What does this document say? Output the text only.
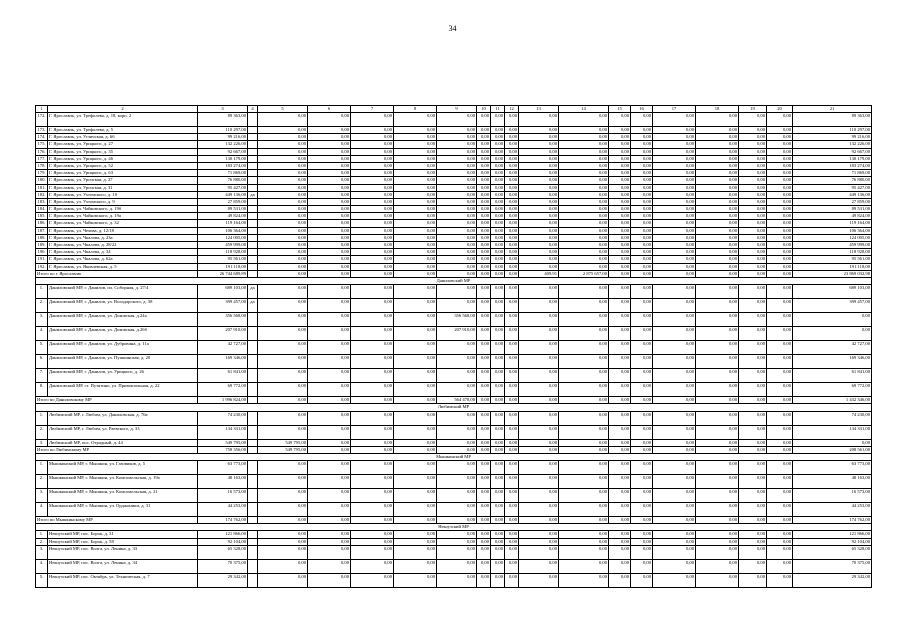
34
1	2	3	4	5	6	7	8	9	10	11	12	13	14	15	16	17	18	19	20	21
172.	Г. Ярославль, ул. Трефолева, д. 18, корп. 2	89 363,00		0,00	0,00	0,00	0,00	0,00	0,00	0,00	0,00	0,00	0,00	0,00	0,00	0,00	0,00	0,00	0,00	89 363,00
173.	Г. Ярославль, ул. Трефолева, д. 5	110 297,00		0,00	0,00	0,00	0,00	0,00	0,00	0,00	0,00	0,00	0,00	0,00	0,00	0,00	0,00	0,00	0,00	110 297,00
174.	Г. Ярославль, ул. Угличская, д. 66	99 216,00		0,00	0,00	0,00	0,00	0,00	0,00	0,00	0,00	0,00	0,00	0,00	0,00	0,00	0,00	0,00	0,00	99 216,00
175.	Г. Ярославль, ул. Урицкого, д. 27	132 226,00		0,00	0,00	0,00	0,00	0,00	0,00	0,00	0,00	0,00	0,00	0,00	0,00	0,00	0,00	0,00	0,00	132 226,00
176.	Г. Ярославль, ул. Урицкого, д. 35	92 667,00		0,00	0,00	0,00	0,00	0,00	0,00	0,00	0,00	0,00	0,00	0,00	0,00	0,00	0,00	0,00	0,00	92 667,00
177.	Г. Ярославль, ул. Урицкого, д. 46	130 179,00		0,00	0,00	0,00	0,00	0,00	0,00	0,00	0,00	0,00	0,00	0,00	0,00	0,00	0,00	0,00	0,00	130 179,00
178.	Г. Ярославль, ул. Урицкого, д. 52	183 274,00		0,00	0,00	0,00	0,00	0,00	0,00	0,00	0,00	0,00	0,00	0,00	0,00	0,00	0,00	0,00	0,00	183 274,00
179.	Г. Ярославль, ул. Урицкого, д. 63	71 869,00		0,00	0,00	0,00	0,00	0,00	0,00	0,00	0,00	0,00	0,00	0,00	0,00	0,00	0,00	0,00	0,00	71 869,00
180.	Г. Ярославль, ул. Урочская, д. 27	76 880,00		0,00	0,00	0,00	0,00	0,00	0,00	0,00	0,00	0,00	0,00	0,00	0,00	0,00	0,00	0,00	0,00	76 880,00
181.	Г. Ярославль, ул. Урочская, д. 31	95 427,00		0,00	0,00	0,00	0,00	0,00	0,00	0,00	0,00	0,00	0,00	0,00	0,00	0,00	0,00	0,00	0,00	95 427,00
182.	Г. Ярославль, ул. Ухтомского, д. 10	449 136,00	да	0,00	0,00	0,00	0,00	0,00	0,00	0,00	0,00	0,00	0,00	0,00	0,00	0,00	0,00	0,00	0,00	449 136,00
183.	Г. Ярославль, ул. Ухтомского, д. 9	27 859,00		0,00	0,00	0,00	0,00	0,00	0,00	0,00	0,00	0,00	0,00	0,00	0,00	0,00	0,00	0,00	0,00	27 859,00
184.	Г. Ярославль, ул. Чайковского, д. 19б	89 531,00		0,00	0,00	0,00	0,00	0,00	0,00	0,00	0,00	0,00	0,00	0,00	0,00	0,00	0,00	0,00	0,00	89 531,00
185.	Г. Ярославль, ул. Чайковского, д. 19а	49 824,00		0,00	0,00	0,00	0,00	0,00	0,00	0,00	0,00	0,00	0,00	0,00	0,00	0,00	0,00	0,00	0,00	49 824,00
186.	Г. Ярославль, ул. Чайковского, д. 32	119 164,00		0,00	0,00	0,00	0,00	0,00	0,00	0,00	0,00	0,00	0,00	0,00	0,00	0,00	0,00	0,00	0,00	119 164,00
187.	Г. Ярославль, ул. Чехова, д. 12/18	106 364,00		0,00	0,00	0,00	0,00	0,00	0,00	0,00	0,00	0,00	0,00	0,00	0,00	0,00	0,00	0,00	0,00	106 364,00
188.	Г. Ярославль, ул. Чкалова, д. 23а	124 005,00		0,00	0,00	0,00	0,00	0,00	0,00	0,00	0,00	0,00	0,00	0,00	0,00	0,00	0,00	0,00	0,00	124 005,00
189.	Г. Ярославль, ул. Чкалова, д. 28/22	459 999,00		0,00	0,00	0,00	0,00	0,00	0,00	0,00	0,00	0,00	0,00	0,00	0,00	0,00	0,00	0,00	0,00	459 999,00
190.	Г. Ярославль, ул. Чкалова, д. 34	118 928,00		0,00	0,00	0,00	0,00	0,00	0,00	0,00	0,00	0,00	0,00	0,00	0,00	0,00	0,00	0,00	0,00	118 928,00
191.	Г. Ярославль, ул. Чкалова, д. 62а	95 561,00		0,00	0,00	0,00	0,00	0,00	0,00	0,00	0,00	0,00	0,00	0,00	0,00	0,00	0,00	0,00	0,00	95 561,00
192.	Г. Ярославль, ул. Яковлевская, д. 5	191 118,00		0,00	0,00	0,00	0,00	0,00	0,00	0,00	0,00	0,00	0,00	0,00	0,00	0,00	0,00	0,00	0,00	191 118,00
Итого по г. Ярославлю		26 744 689,89		0,00	0,00	0,00	0,00	0,00	0,00	0,00	0,00	409,91	2 875 657,00	0,00	0,00	0,00	0,00	0,00	0,00	23 869 032,98
Даниловский МР																				
1.	Даниловский МР, г. Данилов, пл. Соборная, д. 27/4	689 103,00	да	0,00	0,00	0,00	0,00	0,00	0,00	0,00	0,00	0,00	0,00	0,00	0,00	0,00	0,00	0,00	0,00	689 103,00
2.	Даниловский МР, г. Данилов, ул. Володарского, д. 38	399 457,00	да	0,00	0,00	0,00	0,00	0,00	0,00	0,00	0,00	0,00	0,00	0,00	0,00	0,00	0,00	0,00	0,00	399 457,00
3.	Даниловский МР, г. Данилов, ул. Доковская, д.24а	356 568,00		0,00	0,00	0,00	0,00	356 568,00	0,00	0,00	0,00	0,00	0,00	0,00	0,00	0,00	0,00	0,00	0,00	0,00
4.	Даниловский МР, г. Данилов, ул. Доковская, д.26б	207 910,00		0,00	0,00	0,00	0,00	207 910,00	0,00	0,00	0,00	0,00	0,00	0,00	0,00	0,00	0,00	0,00	0,00	0,00
5.	Даниловский МР, г. Данилов, ул. Дубровина, д. 11а	42 727,00		0,00	0,00	0,00	0,00	0,00	0,00	0,00	0,00	0,00	0,00	0,00	0,00	0,00	0,00	0,00	0,00	42 727,00
6.	Даниловский МР, г. Данилов, ул. Пушкинская, д. 20	169 346,00		0,00	0,00	0,00	0,00	0,00	0,00	0,00	0,00	0,00	0,00	0,00	0,00	0,00	0,00	0,00	0,00	169 346,00
7.	Даниловский МР, г. Данилов, ул. Урицкого, д. 26	61 841,00		0,00	0,00	0,00	0,00	0,00	0,00	0,00	0,00	0,00	0,00	0,00	0,00	0,00	0,00	0,00	0,00	61 841,00
8.	Даниловский МР, ст. Путятино, ул. Привокзальная, д. 22	69 772,00		0,00	0,00	0,00	0,00	0,00	0,00	0,00	0,00	0,00	0,00	0,00	0,00	0,00	0,00	0,00	0,00	69 772,00
Итого по Даниловскому МР		1 996 824,00		0,00	0,00	0,00	0,00	564 478,00	0,00	0,00	0,00	0,00	0,00	0,00	0,00	0,00	0,00	0,00	0,00	1 432 346,00
Любимский МР																				
1.	Любимский МР, г. Любим, ул. Даниловская, д. 76а	74 230,00		0,00	0,00	0,00	0,00	0,00	0,00	0,00	0,00	0,00	0,00	0,00	0,00	0,00	0,00	0,00	0,00	74 230,00
2.	Любимский МР, г. Любим, ул. Раевского, д. 33	134 331,00		0,00	0,00	0,00	0,00	0,00	0,00	0,00	0,00	0,00	0,00	0,00	0,00	0,00	0,00	0,00	0,00	134 331,00
3.	Любимский МР, пос. Отрадный, д. 44	549 795,00		549 795,00	0,00	0,00	0,00	0,00	0,00	0,00	0,00	0,00	0,00	0,00	0,00	0,00	0,00	0,00	0,00	0,00
Итого по Любимскому МР		758 356,00		549 795,00	0,00	0,00	0,00	0,00	0,00	0,00	0,00	0,00	0,00	0,00	0,00	0,00	0,00	0,00	0,00	208 561,00
Мышкинский МР																				
1.	Мышкинский МР, г. Мышкин, ул. Газовиков, д. 5	63 773,00		0,00	0,00	0,00	0,00	0,00	0,00	0,00	0,00	0,00	0,00	0,00	0,00	0,00	0,00	0,00	0,00	63 773,00
2.	Мышкинский МР, г. Мышкин, ул. Комсомольская, д. 19а	48 163,00		0,00	0,00	0,00	0,00	0,00	0,00	0,00	0,00	0,00	0,00	0,00	0,00	0,00	0,00	0,00	0,00	48 163,00
3.	Мышкинский МР, г. Мышкин, ул. Комсомольская, д. 21	16 573,00		0,00	0,00	0,00	0,00	0,00	0,00	0,00	0,00	0,00	0,00	0,00	0,00	0,00	0,00	0,00	0,00	16 573,00
4.	Мышкинский МР, г. Мышкин, ул. Орджоники, д. 31	44 253,00		0,00	0,00	0,00	0,00	0,00	0,00	0,00	0,00	0,00	0,00	0,00	0,00	0,00	0,00	0,00	0,00	44 253,00
Итого по Мышкинскому МР		174 762,00		0,00	0,00	0,00	0,00	0,00	0,00	0,00	0,00	0,00	0,00	0,00	0,00	0,00	0,00	0,00	0,00	174 762,00
Некоузский МР																				
1.	Некоузский МР, пос. Борок, д. 31	121 866,00		0,00	0,00	0,00	0,00	0,00	0,00	0,00	0,00	0,00	0,00	0,00	0,00	0,00	0,00	0,00	0,00	121 866,00
2.	Некоузский МР, пос. Борок, д. 58	92 104,00		0,00	0,00	0,00	0,00	0,00	0,00	0,00	0,00	0,00	0,00	0,00	0,00	0,00	0,00	0,00	0,00	92 104,00
3.	Некоузский МР, пос. Волга, ул. Ленина, д. 33	65 328,00		0,00	0,00	0,00	0,00	0,00	0,00	0,00	0,00	0,00	0,00	0,00	0,00	0,00	0,00	0,00	0,00	65 328,00
4.	Некоузский МР, пос. Волга, ул. Ленина, д. 34	70 375,00		0,00	0,00	0,00	0,00	0,00	0,00	0,00	0,00	0,00	0,00	0,00	0,00	0,00	0,00	0,00	0,00	70 375,00
5.	Некоузский МР, пос. Октябрь, ул. Техническая, д. 7	29 342,00		0,00	0,00	0,00	0,00	0,00	0,00	0,00	0,00	0,00	0,00	0,00	0,00	0,00	0,00	0,00	0,00	29 342,00
